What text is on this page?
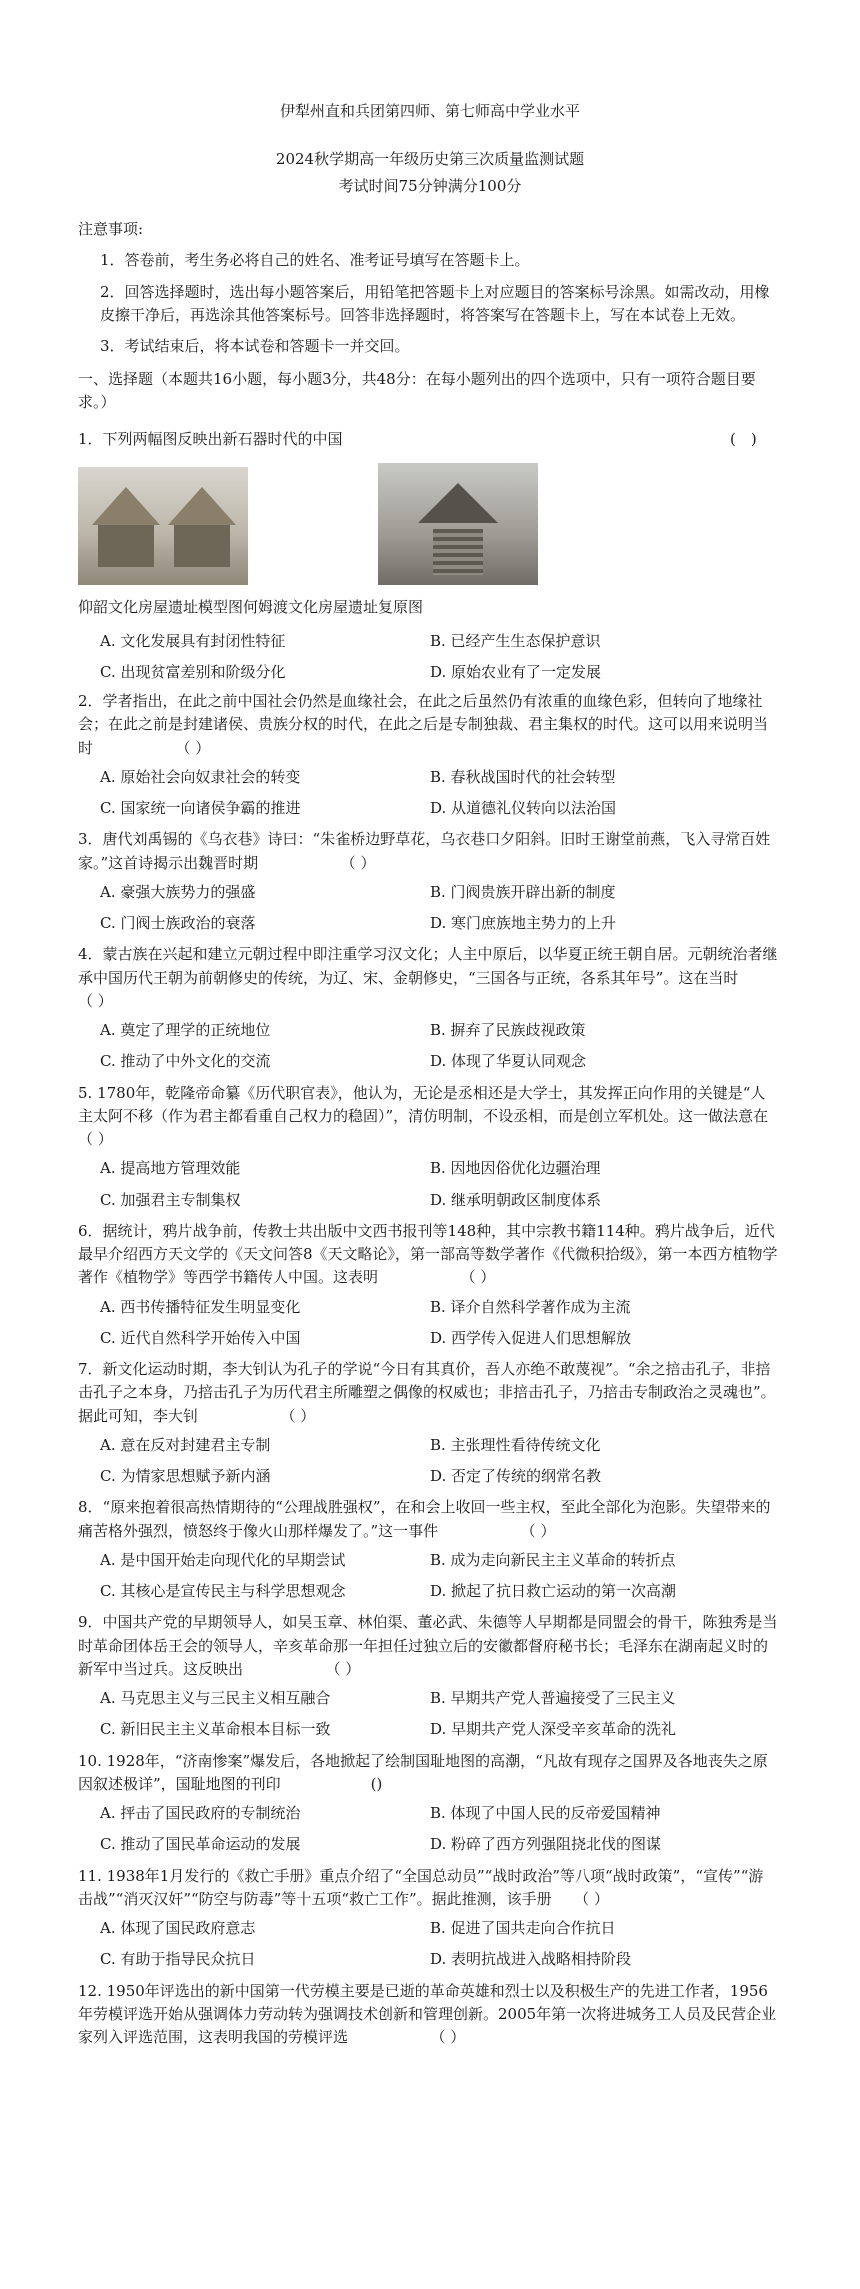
伊犁州直和兵团第四师、第七师高中学业水平
2024秋学期高一年级历史第三次质量监测试题
考试时间75分钟满分100分
注意事项:
1．答卷前，考生务必将自己的姓名、准考证号填写在答题卡上。
2．回答选择题时，选出每小题答案后，用铅笔把答题卡上对应题目的答案标号涂黑。如需改动，用橡皮擦干净后，再选涂其他答案标号。回答非选择题时，将答案写在答题卡上，写在本试卷上无效。
3．考试结束后，将本试卷和答题卡一并交回。
一、选择题（本题共16小题，每小题3分，共48分：在每小题列出的四个选项中，只有一项符合题目要求。）
1．下列两幅图反映出新石器时代的中国	(　)
仰韶文化房屋遗址模型图何姆渡文化房屋遗址复原图
A. 文化发展具有封闭性特征	B. 已经产生生态保护意识
C. 出现贫富差别和阶级分化	D. 原始农业有了一定发展
2．学者指出，在此之前中国社会仍然是血缘社会，在此之后虽然仍有浓重的血缘色彩，但转向了地缘社会；在此之前是封建诸侯、贵族分权的时代，在此之后是专制独裁、君主集权的时代。这可以用来说明当时　　　　　　（ ）
A. 原始社会向奴隶社会的转变	B. 春秋战国时代的社会转型
C. 国家统一向诸侯争霸的推进	D. 从道德礼仪转向以法治国
3．唐代刘禹锡的《乌衣巷》诗曰：“朱雀桥边野草花，乌衣巷口夕阳斜。旧时王谢堂前燕，飞入寻常百姓家。”这首诗揭示出魏晋时期　　　　　　（ ）
A. 豪强大族势力的强盛	B. 门阀贵族开辟出新的制度
C. 门阀士族政治的衰落	D. 寒门庶族地主势力的上升
4．蒙古族在兴起和建立元朝过程中即注重学习汉文化；人主中原后，以华夏正统王朝自居。元朝统治者继承中国历代王朝为前朝修史的传统，为辽、宋、金朝修史，“三国各与正统，各系其年号”。这在当时　　　　　　（ ）
A. 奠定了理学的正统地位	B. 摒弃了民族歧视政策
C. 推动了中外文化的交流	D. 体现了华夏认同观念
5. 1780年，乾隆帝命纂《历代职官表》，他认为，无论是丞相还是大学士，其发挥正向作用的关键是“人主太阿不移（作为君主都看重自己权力的稳固）”，清仿明制，不设丞相，而是创立军机处。这一做法意在　　（ ）
A. 提高地方管理效能	B. 因地因俗优化边疆治理
C. 加强君主专制集权	D. 继承明朝政区制度体系
6．据统计，鸦片战争前，传教士共出版中文西书报刊等148种，其中宗教书籍114种。鸦片战争后，近代最早介绍西方天文学的《天文问答8《天文略论》，第一部高等数学著作《代微积拾级》，第一本西方植物学著作《植物学》等西学书籍传人中国。这表明　　　　　　（ ）
A. 西书传播特征发生明显变化	B. 译介自然科学著作成为主流
C. 近代自然科学开始传入中国	D. 西学传入促进人们思想解放
7．新文化运动时期，李大钊认为孔子的学说“今日有其真价，吾人亦绝不敢蔑视”。“余之掊击孔子，非掊击孔子之本身，乃掊击孔子为历代君主所雕塑之偶像的权威也；非掊击孔子，乃掊击专制政治之灵魂也”。据此可知，李大钊　　　　　　（ ）
A. 意在反对封建君主专制	B. 主张理性看待传统文化
C. 为情家思想赋予新内涵	D. 否定了传统的纲常名教
8．“原来抱着很高热情期待的“公理战胜强权”，在和会上收回一些主权，至此全部化为泡影。失望带来的痛苦格外强烈，愤怒终于像火山那样爆发了。”这一事件　　　　　　（ ）
A. 是中国开始走向现代化的早期尝试	B. 成为走向新民主主义革命的转折点
C. 其核心是宣传民主与科学思想观念	D. 掀起了抗日救亡运动的第一次高潮
9．中国共产党的早期领导人，如吴玉章、林伯渠、董必武、朱德等人早期都是同盟会的骨干，陈独秀是当时革命团体岳王会的领导人，辛亥革命那一年担任过独立后的安徽都督府秘书长；毛泽东在湖南起义时的新军中当过兵。这反映出　　　　　　（ ）
A. 马克思主义与三民主义相互融合	B. 早期共产党人普遍接受了三民主义
C. 新旧民主主义革命根本目标一致	D. 早期共产党人深受辛亥革命的洗礼
10. 1928年，“济南惨案”爆发后，各地掀起了绘制国耻地图的高潮，“凡故有现存之国界及各地丧失之原因叙述极详”，国耻地图的刊印　　　　　　()
A. 抨击了国民政府的专制统治	B. 体现了中国人民的反帝爱国精神
C. 推动了国民革命运动的发展	D. 粉碎了西方列强阻挠北伐的图谋
11. 1938年1月发行的《救亡手册》重点介绍了“全国总动员”“战时政治”等八项“战时政策”，“宣传”“游击战”“消灭汉奸”“防空与防毒”等十五项“救亡工作”。据此推测，该手册　　（ ）
A. 体现了国民政府意志	B. 促进了国共走向合作抗日
C. 有助于指导民众抗日	D. 表明抗战进入战略相持阶段
12. 1950年评选出的新中国第一代劳模主要是已逝的革命英雄和烈士以及积极生产的先进工作者，1956年劳模评选开始从强调体力劳动转为强调技术创新和管理创新。2005年第一次将进城务工人员及民营企业家列入评选范围，这表明我国的劳模评选　　　　　　（ ）
